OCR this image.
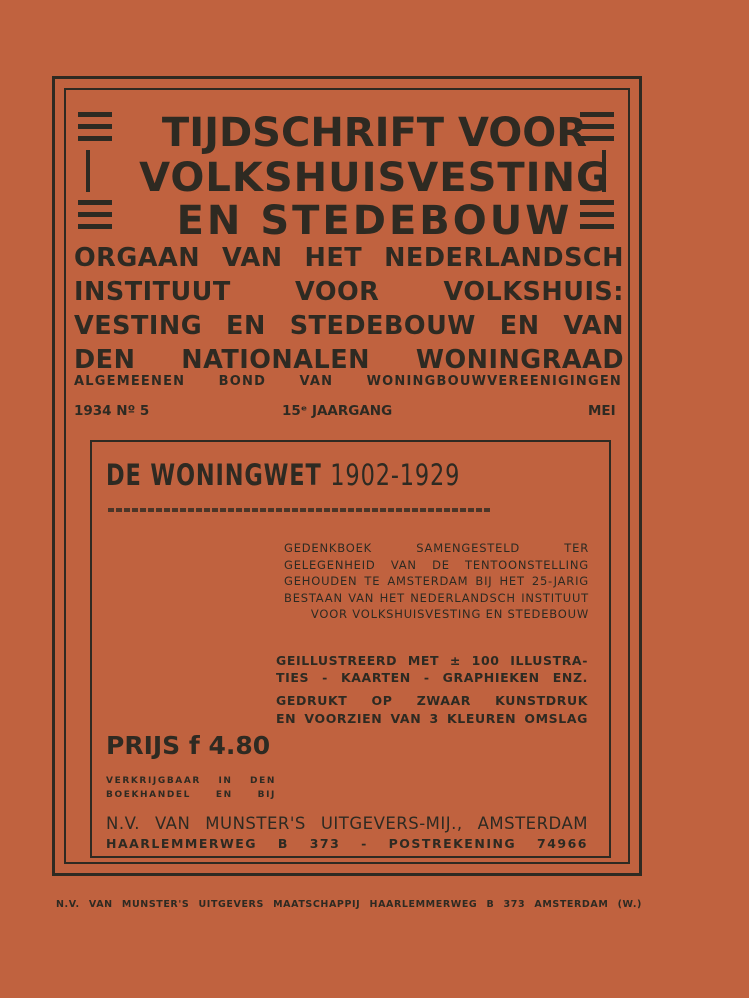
TIJDSCHRIFT VOOR
VOLKSHUISVESTING
EN STEDEBOUW
ORGAAN VAN HET NEDERLANDSCH
INSTITUUT VOOR VOLKSHUIS:
VESTING EN STEDEBOUW EN VAN
DEN NATIONALEN WONINGRAAD
ALGEMEENEN BOND VAN WONINGBOUWVEREENIGINGEN
1934 Nº 5	15ᵉ JAARGANG	MEI
DE WONINGWET 1902-1929
GEDENKBOEK SAMENGESTELD TER GELEGENHEID VAN DE TENTOONSTELLING GEHOUDEN TE AMSTERDAM BIJ HET 25-JARIG BESTAAN VAN HET NEDERLANDSCH INSTITUUT VOOR VOLKSHUISVESTING EN STEDEBOUW
GEILLUSTREERD MET ± 100 ILLUSTRA-
TIES - KAARTEN - GRAPHIEKEN ENZ.
GEDRUKT OP ZWAAR KUNSTDRUK
EN VOORZIEN VAN 3 KLEUREN OMSLAG
PRIJS f 4.80
VERKRIJGBAAR IN DEN
BOEKHANDEL EN BIJ
N.V. VAN MUNSTER'S UITGEVERS-MIJ., AMSTERDAM
HAARLEMMERWEG B 373 - POSTREKENING 74966
N.V. VAN MUNSTER'S UITGEVERS MAATSCHAPPIJ HAARLEMMERWEG B 373 AMSTERDAM (W.)
